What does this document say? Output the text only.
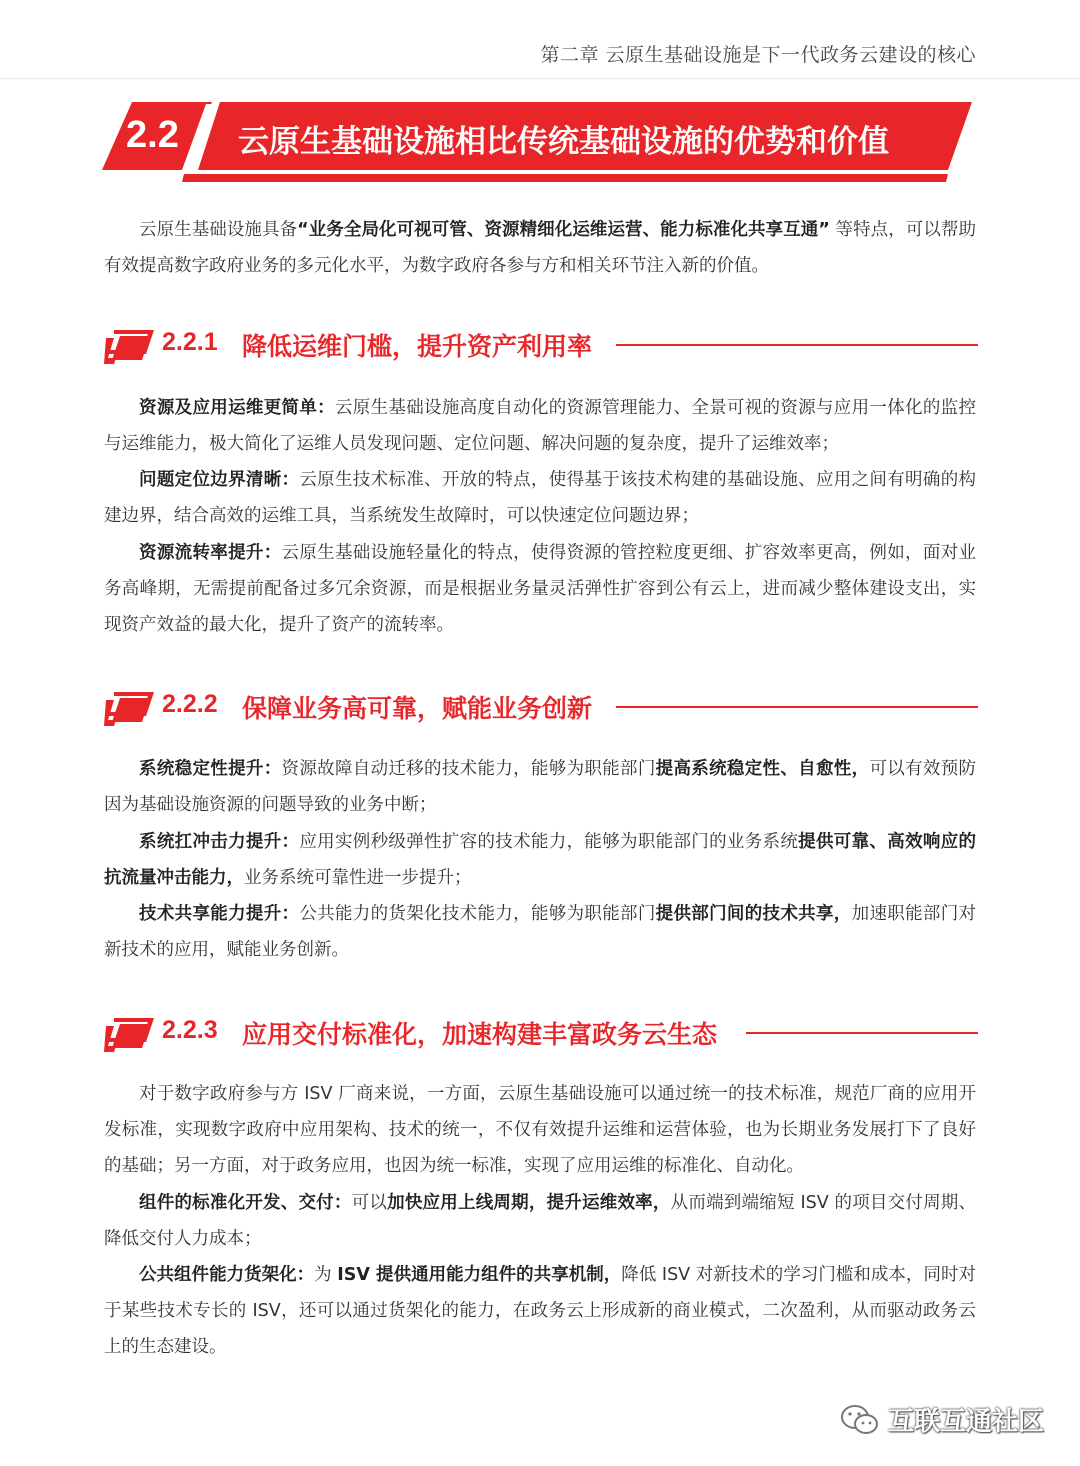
第二章 云原生基础设施是下一代政务云建设的核心
2.2 云原生基础设施相比传统基础设施的优势和价值

云原生基础设施具备“业务全局化可视可管、资源精细化运维运营、能力标准化共享互通” 等特点，可以帮助有效提高数字政府业务的多元化水平，为数字政府各参与方和相关环节注入新的价值。

2.2.1 降低运维门槛，提升资产利用率

资源及应用运维更简单：云原生基础设施高度自动化的资源管理能力、全景可视的资源与应用一体化的监控与运维能力，极大简化了运维人员发现问题、定位问题、解决问题的复杂度，提升了运维效率；

问题定位边界清晰：云原生技术标准、开放的特点，使得基于该技术构建的基础设施、应用之间有明确的构建边界，结合高效的运维工具，当系统发生故障时，可以快速定位问题边界；

资源流转率提升：云原生基础设施轻量化的特点，使得资源的管控粒度更细、扩容效率更高，例如，面对业务高峰期，无需提前配备过多冗余资源，而是根据业务量灵活弹性扩容到公有云上，进而减少整体建设支出，实现资产效益的最大化，提升了资产的流转率。

2.2.2 保障业务高可靠，赋能业务创新

系统稳定性提升：资源故障自动迁移的技术能力，能够为职能部门提高系统稳定性、自愈性，可以有效预防因为基础设施资源的问题导致的业务中断；

系统扛冲击力提升：应用实例秒级弹性扩容的技术能力，能够为职能部门的业务系统提供可靠、高效响应的抗流量冲击能力，业务系统可靠性进一步提升；

技术共享能力提升：公共能力的货架化技术能力，能够为职能部门提供部门间的技术共享，加速职能部门对新技术的应用，赋能业务创新。

2.2.3 应用交付标准化，加速构建丰富政务云生态

对于数字政府参与方 ISV 厂商来说，一方面，云原生基础设施可以通过统一的技术标准，规范厂商的应用开发标准，实现数字政府中应用架构、技术的统一，不仅有效提升运维和运营体验，也为长期业务发展打下了良好的基础；另一方面，对于政务应用，也因为统一标准，实现了应用运维的标准化、自动化。

组件的标准化开发、交付：可以加快应用上线周期，提升运维效率，从而端到端缩短 ISV 的项目交付周期、降低交付人力成本；

公共组件能力货架化：为 ISV 提供通用能力组件的共享机制，降低 ISV 对新技术的学习门槛和成本，同时对于某些技术专长的 ISV，还可以通过货架化的能力，在政务云上形成新的商业模式，二次盈利，从而驱动政务云上的生态建设。

互联互通社区
